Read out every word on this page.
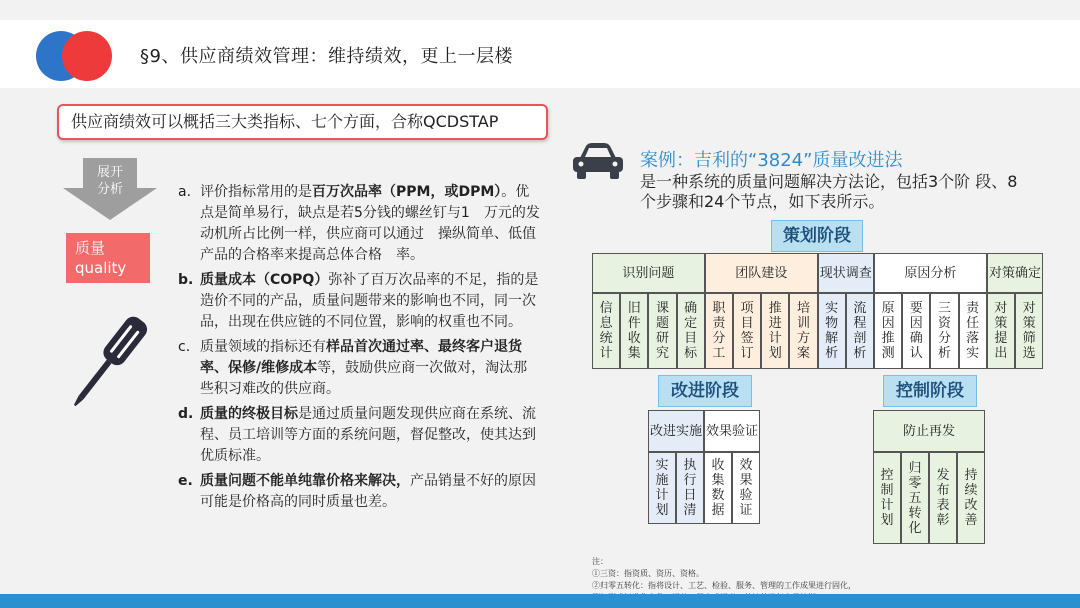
§9、供应商绩效管理：维持绩效，更上一层楼
供应商绩效可以概括三大类指标、七个方面，合称QCDSTAP
展开
分析
质量
quality
a. 评价指标常用的是百万次品率（PPM，或DPM）。优点是简单易行，缺点是若5分钱的螺丝钉与1　万元的发动机所占比例一样，供应商可以通过　操纵简单、低值产品的合格率来提高总体合格　率。
b. 质量成本（COPQ）弥补了百万次品率的不足，指的是造价不同的产品，质量问题带来的影响也不同，同一次品，出现在供应链的不同位置，影响的权重也不同。
c. 质量领域的指标还有样品首次通过率、最终客户退货率、保修/维修成本等，鼓励供应商一次做对，淘汰那些积习难改的供应商。
d. 质量的终极目标是通过质量问题发现供应商在系统、流程、员工培训等方面的系统问题，督促整改，使其达到优质标准。
e. 质量问题不能单纯靠价格来解决，产品销量不好的原因可能是价格高的同时质量也差。
案例：吉利的“3824”质量改进法
是一种系统的质量问题解决方法论，包括3个阶 段、8个步骤和24个节点，如下表所示。
策划阶段
识别问题
信息统计
旧件收集
课题研究
确定目标
团队建设
职责分工
项目签订
推进计划
培训方案
现状调查
实物解析
流程剖析
原因分析
原因推测
要因确认
三资分析
责任落实
对策确定
对策提出
对策筛选
改进阶段
改进实施
实施计划
执行日清
效果验证
收集数据
效果验证
控制阶段
防止再发
控制计划
归零五转化
发布表彰
持续改善
注：
①三资：指资质、资历、资格。
②归零五转化：指将设计、工艺、检验、服务、管理的工作成果进行固化，
